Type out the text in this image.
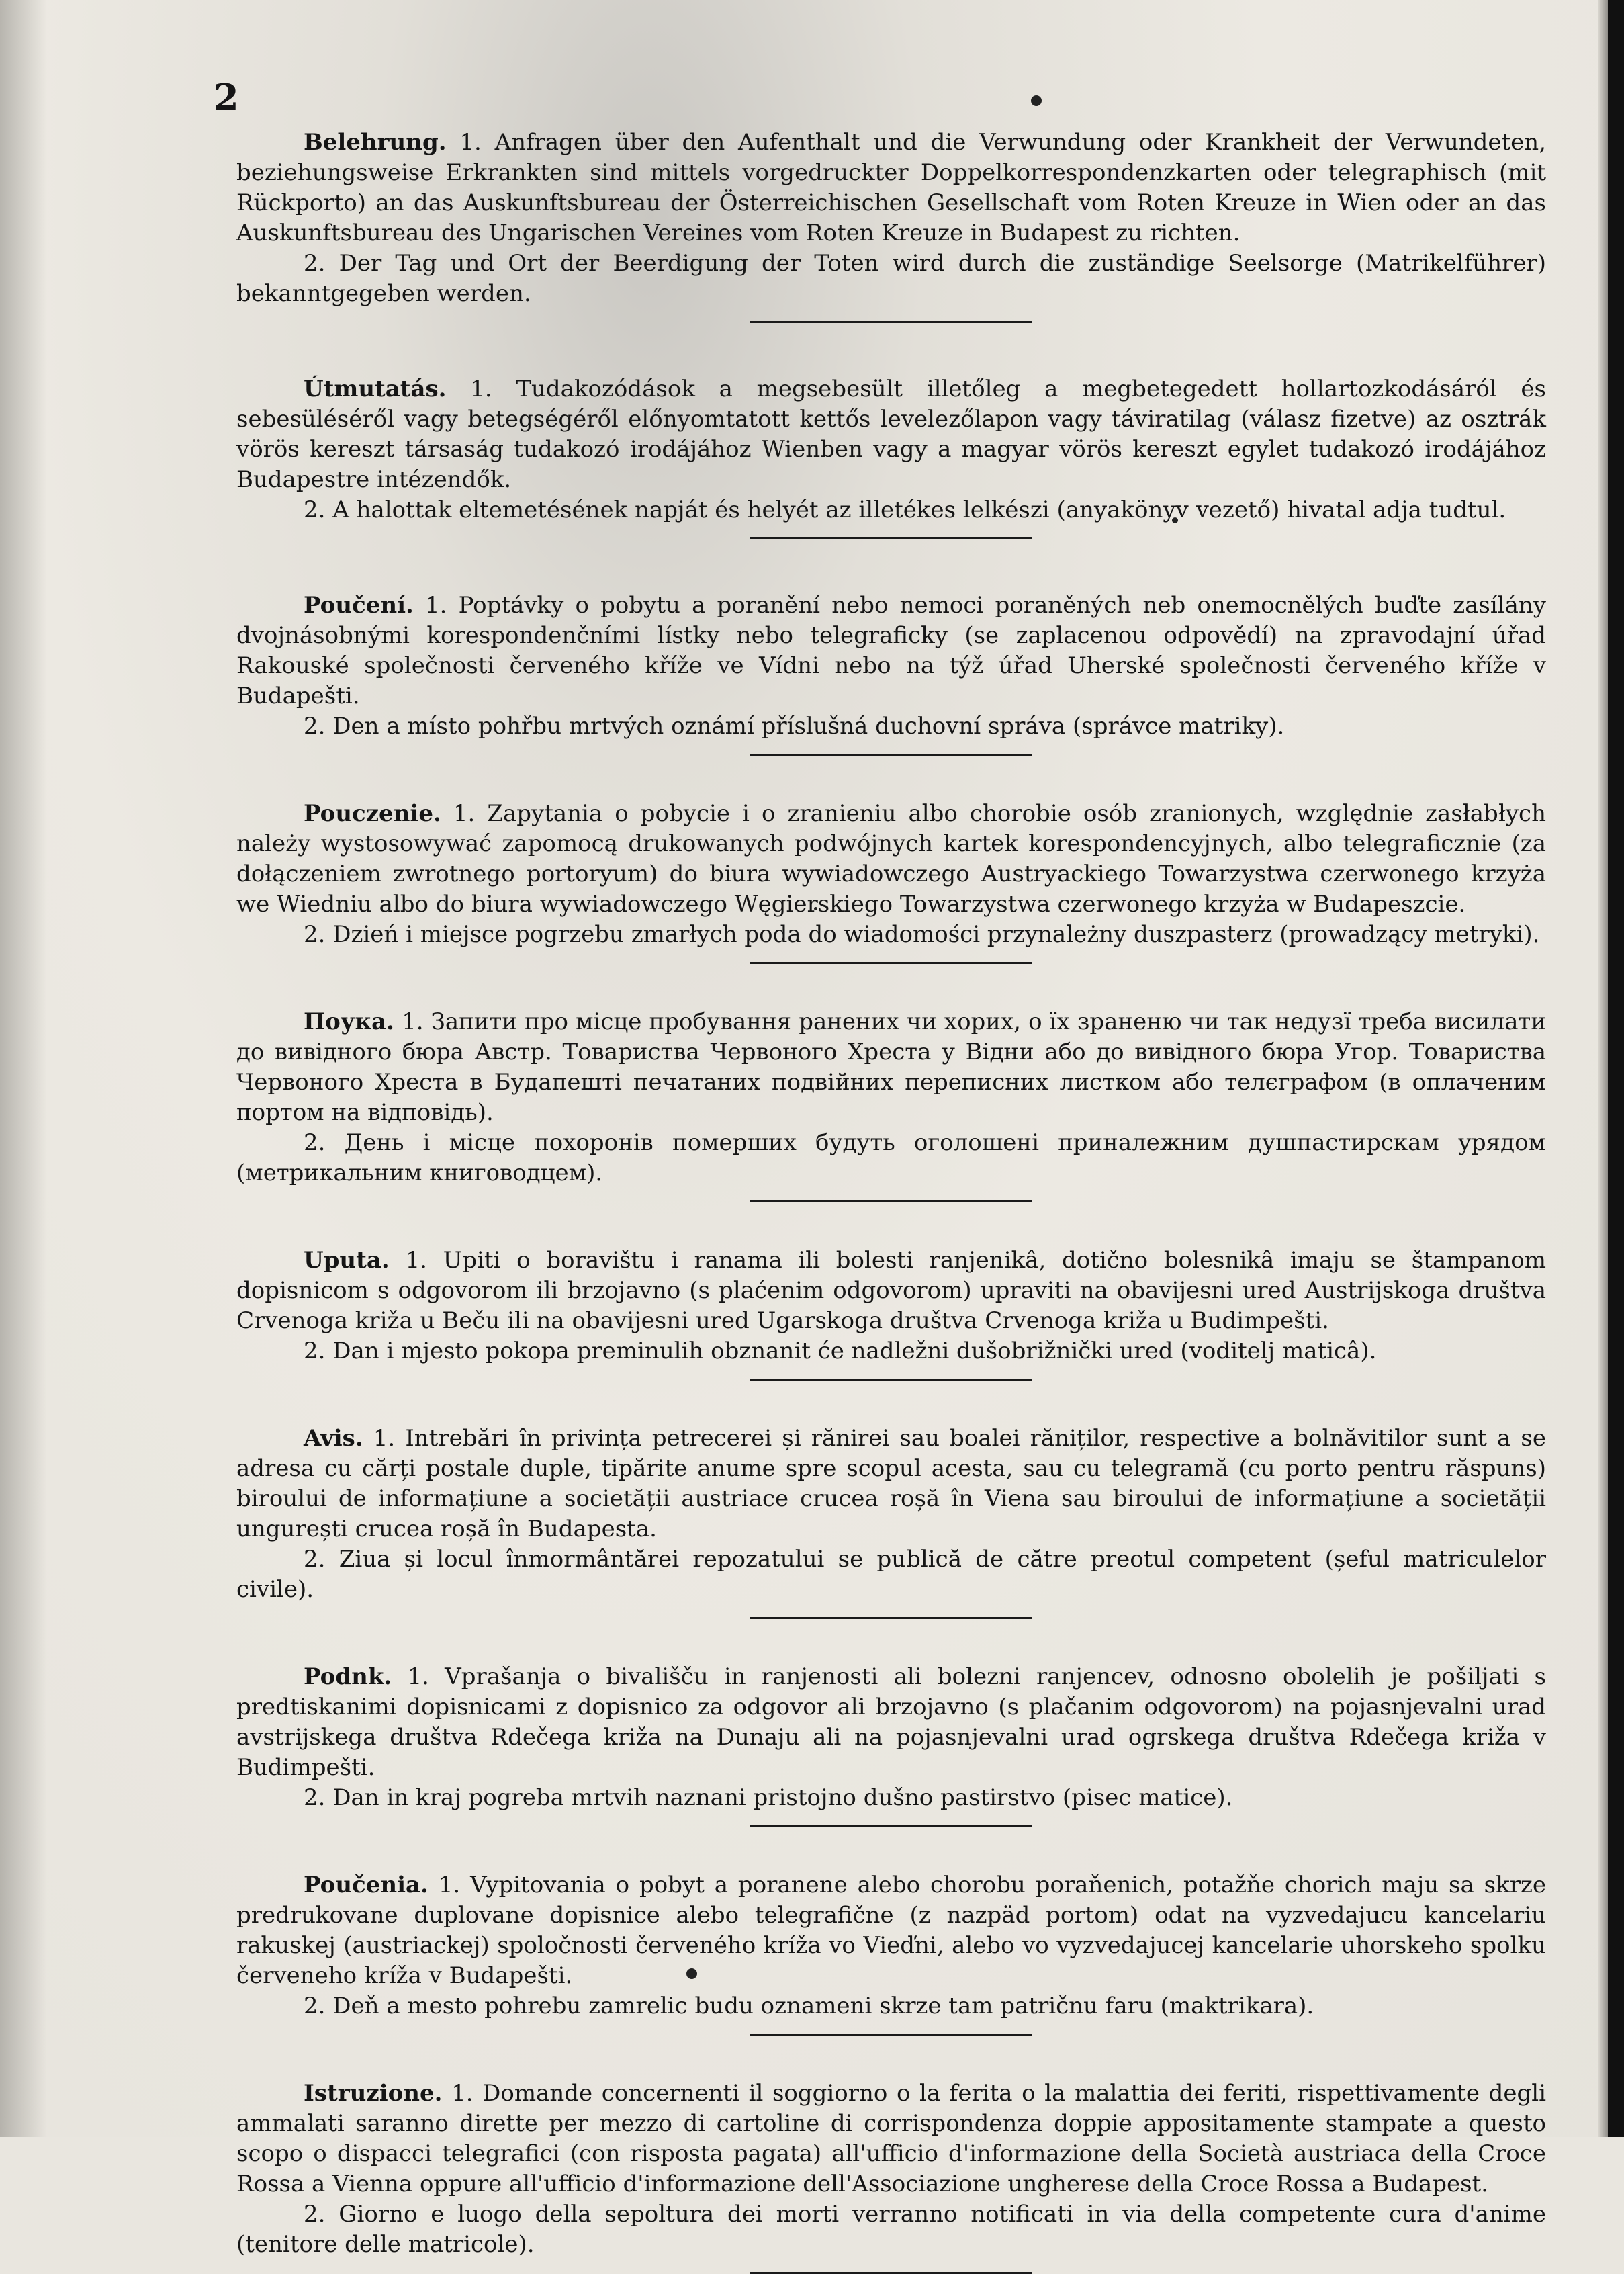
2

Belehrung. 1. Anfragen über den Aufenthalt und die Verwundung oder Krankheit der Verwundeten, beziehungsweise Erkrankten sind mittels vorgedruckter Doppelkorrespondenzkarten oder telegraphisch (mit Rückporto) an das Auskunftsbureau der Österreichischen Gesellschaft vom Roten Kreuze in Wien oder an das Auskunftsbureau des Ungarischen Vereines vom Roten Kreuze in Budapest zu richten.

2. Der Tag und Ort der Beerdigung der Toten wird durch die zuständige Seelsorge (Matrikelführer) bekanntgegeben werden.

Útmutatás. 1. Tudakozódások a megsebesült illetőleg a megbetegedett hollartozkodásáról és sebesüléséről vagy betegségéről előnyomtatott kettős levelezőlapon vagy táviratilag (válasz fizetve) az osztrák vörös kereszt társaság tudakozó irodájához Wienben vagy a magyar vörös kereszt egylet tudakozó irodájához Budapestre intézendők.

2. A halottak eltemetésének napját és helyét az illetékes lelkészi (anyakönyv vezető) hivatal adja tudtul.

Poučení. 1. Poptávky o pobytu a poranění nebo nemoci poraněných neb onemocnělých buďte zasílány dvojnásobnými korespondenčními lístky nebo telegraficky (se zaplacenou odpovědí) na zpravodajní úřad Rakouské společnosti červeného kříže ve Vídni nebo na týž úřad Uherské společnosti červeného kříže v Budapešti.

2. Den a místo pohřbu mrtvých oznámí příslušná duchovní správa (správce matriky).

Pouczenie. 1. Zapytania o pobycie i o zranieniu albo chorobie osób zranionych, względnie zasłabłych należy wystosowywać zapomocą drukowanych podwójnych kartek korespondencyjnych, albo telegraficznie (za dołączeniem zwrotnego portoryum) do biura wywiadowczego Austryackiego Towarzystwa czerwonego krzyża we Wiedniu albo do biura wywiadowczego Węgierskiego Towarzystwa czerwonego krzyża w Budapeszcie.

2. Dzień i miejsce pogrzebu zmarłych poda do wiadomości przynależny duszpasterz (prowadzący metryki).

Поука. 1. Запити про місце пробування ранених чи хорих, о їх зраненю чи так недузї треба висилати до вивідного бюра Австр. Товариства Червоного Хреста у Відни або до вивідного бюра Угор. Товариства Червоного Хреста в Будапешті печатаних подвійних переписних листком або телєграфом (в оплаченим портом на відповідь).

2. День і місце похоронів померших будуть оголошені приналежним душпастирскам урядом (метрикальним книговодцем).

Uputa. 1. Upiti o boravištu i ranama ili bolesti ranjenikâ, dotično bolesnikâ imaju se štampanom dopisnicom s odgovorom ili brzojavno (s plaćenim odgovorom) upraviti na obavijesni ured Austrijskoga društva Crvenoga križa u Beču ili na obavijesni ured Ugarskoga društva Crvenoga križa u Budimpešti.

2. Dan i mjesto pokopa preminulih obznanit će nadležni dušobrižnički ured (voditelj maticâ).

Avis. 1. Intrebări în privința petrecerei și rănirei sau boalei răniților, respective a bolnăvitilor sunt a se adresa cu cărți postale duple, tipărite anume spre scopul acesta, sau cu telegramă (cu porto pentru răspuns) biroului de informațiune a societății austriace crucea roșă în Viena sau biroului de informațiune a societății ungurești crucea roșă în Budapesta.

2. Ziua și locul înmormântărei repozatului se publică de către preotul competent (șeful matriculelor civile).

Podnk. 1. Vprašanja o bivališču in ranjenosti ali bolezni ranjencev, odnosno obolelih je pošiljati s predtiskanimi dopisnicami z dopisnico za odgovor ali brzojavno (s plačanim odgovorom) na pojasnjevalni urad avstrijskega društva Rdečega križa na Dunaju ali na pojasnjevalni urad ogrskega društva Rdečega križa v Budimpešti.

2. Dan in kraj pogreba mrtvih naznani pristojno dušno pastirstvo (pisec matice).

Poučenia. 1. Vypitovania o pobyt a poranene alebo chorobu poraňenich, potažňe chorich maju sa skrze predrukovane duplovane dopisnice alebo telegrafične (z nazpäd portom) odat na vyzvedajucu kancelariu rakuskej (austriackej) spoločnosti červeného kríža vo Vieďni, alebo vo vyzvedajucej kancelarie uhorskeho spolku červeneho kríža v Budapešti.

2. Deň a mesto pohrebu zamrelic budu oznameni skrze tam patričnu faru (maktrikara).

Istruzione. 1. Domande concernenti il soggiorno o la ferita o la malattia dei feriti, rispettivamente degli ammalati saranno dirette per mezzo di cartoline di corrispondenza doppie appositamente stampate a questo scopo o dispacci telegrafici (con risposta pagata) all'ufficio d'informazione della Società austriaca della Croce Rossa a Vienna oppure all'ufficio d'informazione dell'Associazione ungherese della Croce Rossa a Budapest.

2. Giorno e luogo della sepoltura dei morti verranno notificati in via della competente cura d'anime (tenitore delle matricole).
